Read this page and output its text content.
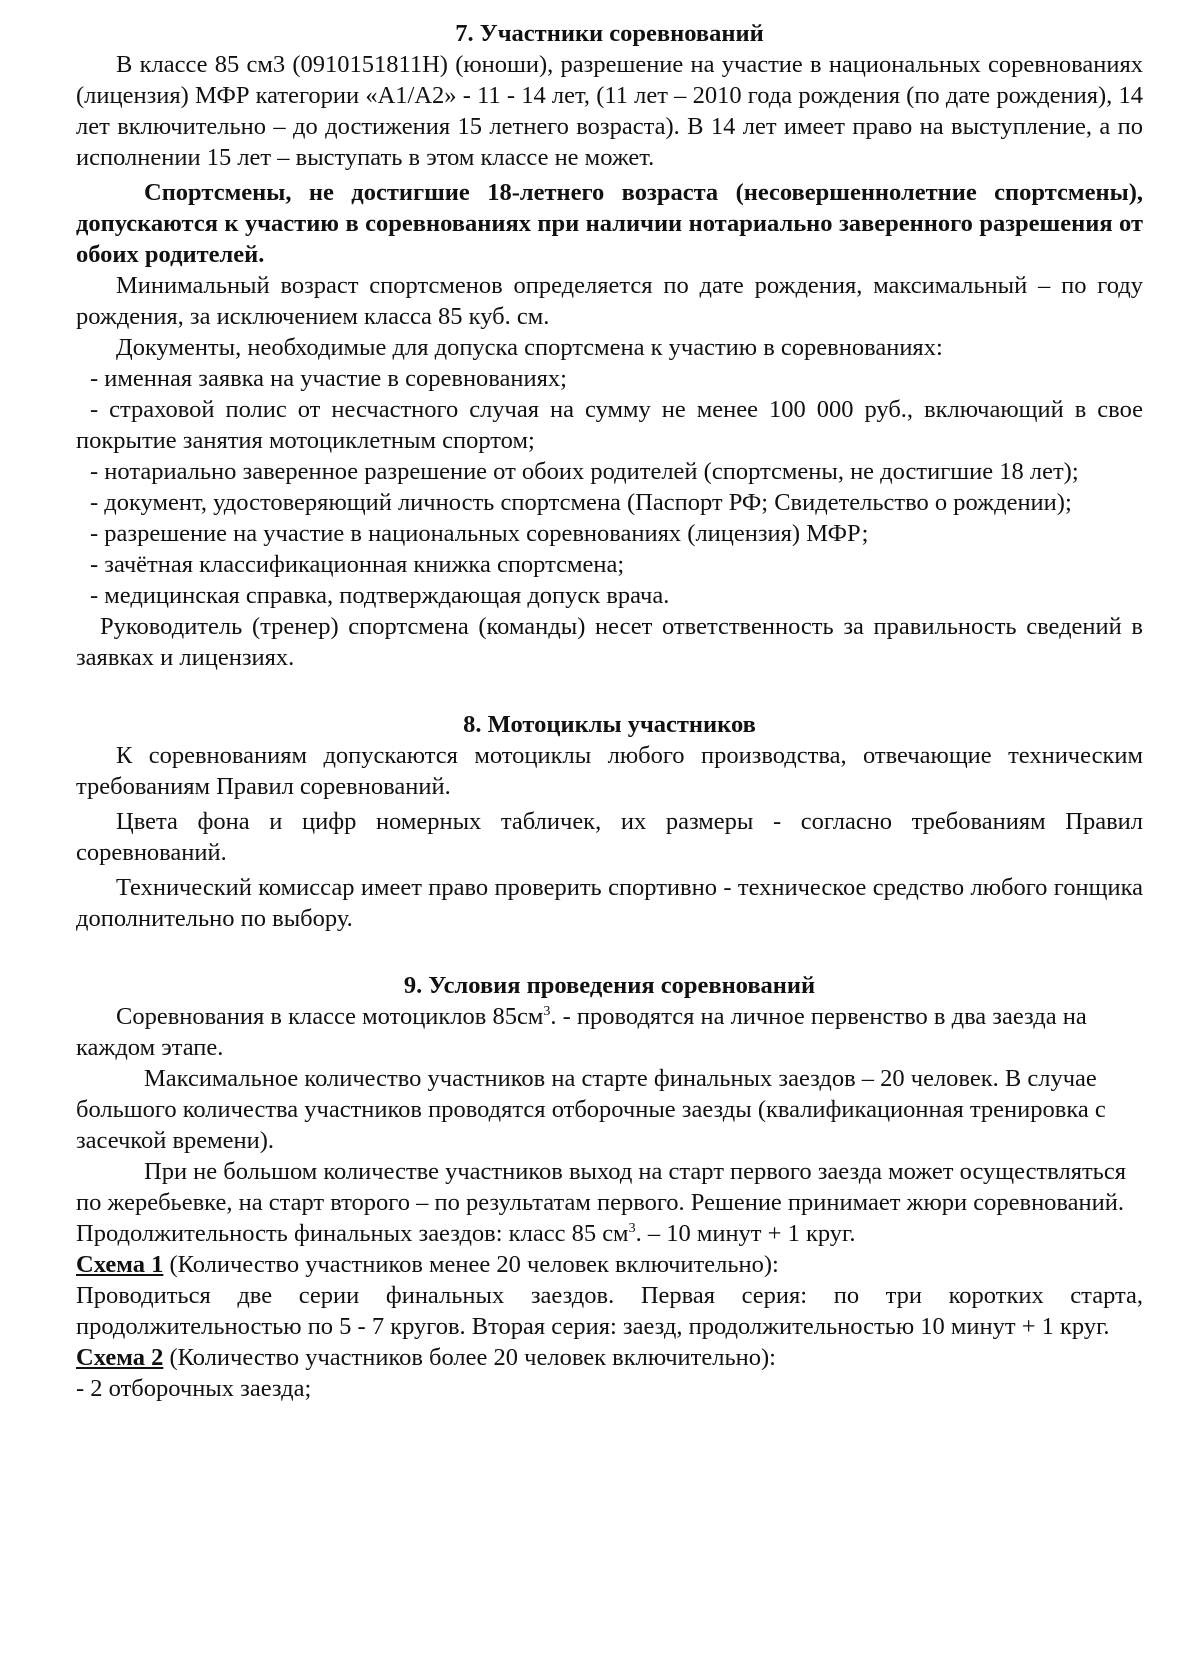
7. Участники соревнований

В классе 85 см3 (0910151811Н) (юноши), разрешение на участие в национальных соревнованиях (лицензия) МФР категории «А1/А2» - 11 - 14 лет, (11 лет – 2010 года рождения (по дате рождения), 14 лет включительно – до достижения 15 летнего возраста). В 14 лет имеет право на выступление, а по исполнении 15 лет – выступать в этом классе не может.

Спортсмены, не достигшие 18-летнего возраста (несовершеннолетние спортсмены), допускаются к участию в соревнованиях при наличии нотариально заверенного разрешения от обоих родителей.

Минимальный возраст спортсменов определяется по дате рождения, максимальный – по году рождения, за исключением класса 85 куб. см.

Документы, необходимые для допуска спортсмена к участию в соревнованиях:

- именная заявка на участие в соревнованиях;

- страховой полис от несчастного случая на сумму не менее 100 000 руб., включающий в свое покрытие занятия мотоциклетным спортом;

- нотариально заверенное разрешение от обоих родителей (спортсмены, не достигшие 18 лет);

- документ, удостоверяющий личность спортсмена (Паспорт РФ; Свидетельство о рождении);

- разрешение на участие в национальных соревнованиях (лицензия) МФР;

- зачётная классификационная книжка спортсмена;

- медицинская справка, подтверждающая допуск врача.

Руководитель (тренер) спортсмена (команды) несет ответственность за правильность сведений в заявках и лицензиях.

8. Мотоциклы участников

К соревнованиям допускаются мотоциклы любого производства, отвечающие техническим требованиям Правил соревнований.

Цвета фона и цифр номерных табличек, их размеры - согласно требованиям Правил соревнований.

Технический комиссар имеет право проверить спортивно - техническое средство любого гонщика дополнительно по выбору.

9. Условия проведения соревнований

Соревнования в классе мотоциклов $85см^3$. - проводятся на личное первенство в два заезда на каждом этапе.

Максимальное количество участников на старте финальных заездов – 20 человек. В случае большого количества участников проводятся отборочные заезды (квалификационная тренировка с засечкой времени).

При не большом количестве участников выход на старт первого заезда может осуществляться по жеребьевке, на старт второго – по результатам первого. Решение принимает жюри соревнований.

Продолжительность финальных заездов: класс 85 $см^3$. – 10 минут + 1 круг.

Схема 1 (Количество участников менее 20 человек включительно):

Проводиться две серии финальных заездов. Первая серия: по три коротких старта, продолжительностью по 5 - 7 кругов. Вторая серия: заезд, продолжительностью 10 минут + 1 круг.

Схема 2 (Количество участников более 20 человек включительно):

- 2 отборочных заезда;
